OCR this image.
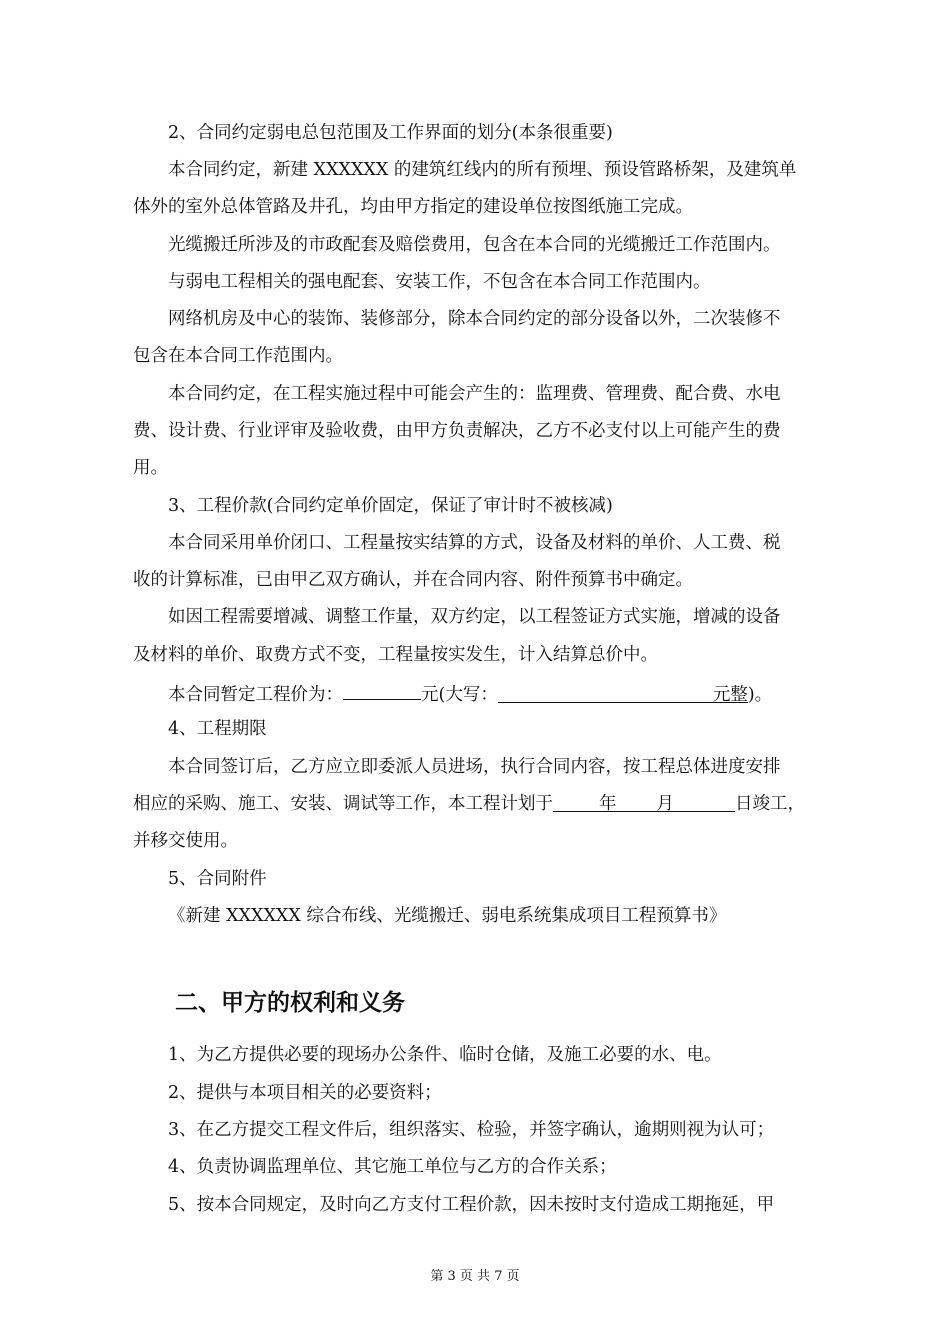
2、合同约定弱电总包范围及工作界面的划分(本条很重要)
本合同约定，新建 XXXXXX 的建筑红线内的所有预埋、预设管路桥架，及建筑单
体外的室外总体管路及井孔，均由甲方指定的建设单位按图纸施工完成。
光缆搬迁所涉及的市政配套及赔偿费用，包含在本合同的光缆搬迁工作范围内。
与弱电工程相关的强电配套、安装工作，不包含在本合同工作范围内。
网络机房及中心的装饰、装修部分，除本合同约定的部分设备以外，二次装修不
包含在本合同工作范围内。
本合同约定，在工程实施过程中可能会产生的：监理费、管理费、配合费、水电
费、设计费、行业评审及验收费，由甲方负责解决，乙方不必支付以上可能产生的费
用。
3、工程价款(合同约定单价固定，保证了审计时不被核减)
本合同采用单价闭口、工程量按实结算的方式，设备及材料的单价、人工费、税
收的计算标准，已由甲乙双方确认，并在合同内容、附件预算书中确定。
如因工程需要增减、调整工作量，双方约定，以工程签证方式实施，增减的设备
及材料的单价、取费方式不变，工程量按实发生，计入结算总价中。
本合同暂定工程价为：	元(大写：	元整)。
4、工程期限
本合同签订后，乙方应立即委派人员进场，执行合同内容，按工程总体进度安排
相应的采购、施工、安装、调试等工作，本工程计划于	年 月	日竣工，
并移交使用。
5、合同附件
《新建 XXXXXX 综合布线、光缆搬迁、弱电系统集成项目工程预算书》
二、甲方的权利和义务
1、为乙方提供必要的现场办公条件、临时仓储，及施工必要的水、电。
2、提供与本项目相关的必要资料；
3、在乙方提交工程文件后，组织落实、检验，并签字确认，逾期则视为认可；
4、负责协调监理单位、其它施工单位与乙方的合作关系；
5、按本合同规定，及时向乙方支付工程价款，因未按时支付造成工期拖延，甲
第 3 页 共 7 页
